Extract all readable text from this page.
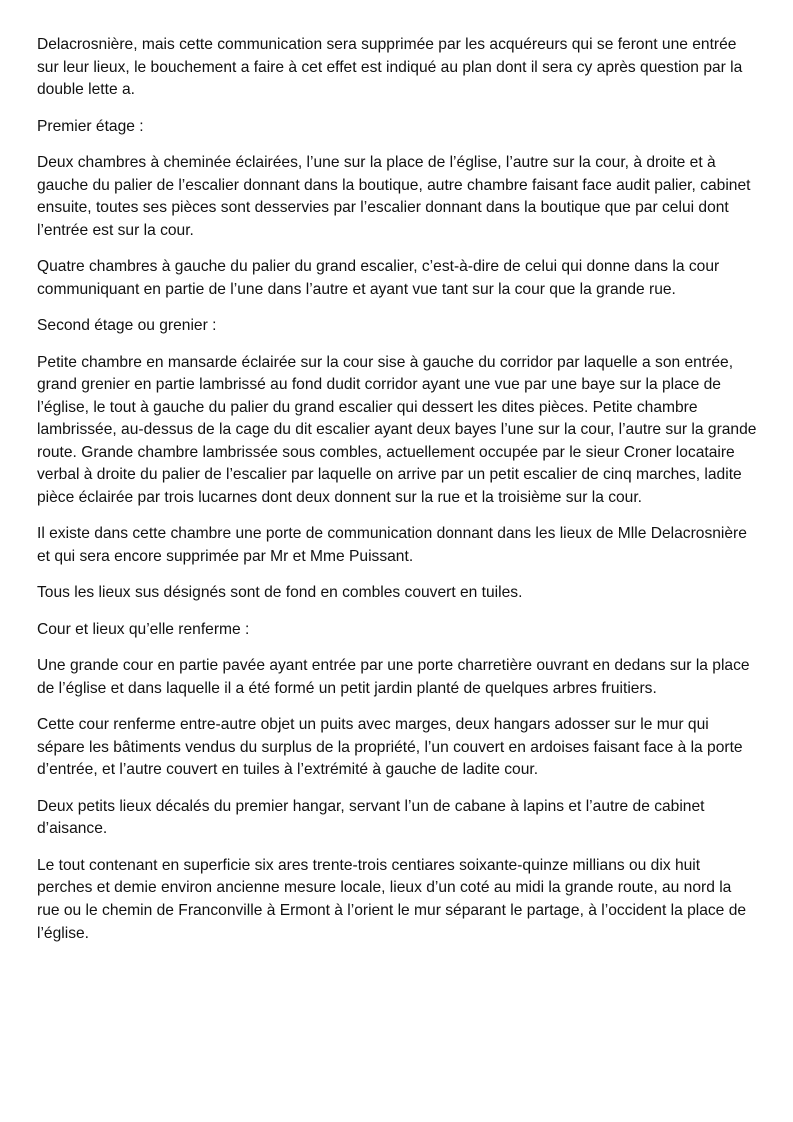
Delacrosnière, mais cette communication sera supprimée par les acquéreurs qui se feront une entrée sur leur lieux, le bouchement a faire à cet effet est indiqué au plan dont il sera cy après question par la double lette a.

Premier étage :

Deux chambres à cheminée éclairées, l’une sur la place de l’église, l’autre sur la cour, à droite et à gauche du palier de l’escalier donnant dans la boutique, autre chambre faisant face audit palier, cabinet ensuite, toutes ses pièces sont desservies par l’escalier donnant dans la boutique que par celui dont l’entrée est sur la cour.

Quatre chambres à gauche du palier du grand escalier, c’est-à-dire de celui qui donne dans la cour communiquant en partie de l’une dans l’autre et ayant vue tant sur la cour que la grande rue.

Second étage ou grenier :

Petite chambre en mansarde éclairée sur la cour sise à gauche du corridor par laquelle a son entrée, grand grenier en partie lambrissé au fond dudit corridor ayant une vue par une baye sur la place de l’église, le tout à gauche du palier du grand escalier qui dessert les dites pièces. Petite chambre lambrissée, au-dessus de la cage du dit escalier ayant deux bayes l’une sur la cour, l’autre sur la grande route. Grande chambre lambrissée sous combles, actuellement occupée par le sieur Croner locataire verbal à droite du palier de l’escalier par laquelle on arrive par un petit escalier de cinq marches, ladite pièce éclairée par trois lucarnes dont deux donnent sur la rue et la troisième sur la cour.

Il existe dans cette chambre une porte de communication donnant dans les lieux de Mlle Delacrosnière et qui sera encore supprimée par Mr et Mme Puissant.

Tous les lieux sus désignés sont de fond en combles couvert en tuiles.

Cour et lieux qu’elle renferme :

Une grande cour en partie pavée ayant entrée par une porte charretière ouvrant en dedans sur la place de l’église et dans laquelle il a été formé un petit jardin planté de quelques arbres fruitiers.

Cette cour renferme entre-autre objet un puits avec marges, deux hangars adosser sur le mur qui sépare les bâtiments vendus du surplus de la propriété, l’un couvert en ardoises faisant face à la porte d’entrée, et l’autre couvert en tuiles à l’extrémité à gauche de ladite cour.

Deux petits lieux décalés du premier hangar, servant l’un de cabane à lapins et l’autre de cabinet d’aisance.

Le tout contenant en superficie six ares trente-trois centiares soixante-quinze millians ou dix huit perches et demie environ ancienne mesure locale, lieux d’un coté au midi la grande route, au nord la rue ou le chemin de Franconville à Ermont à l’orient le mur séparant le partage, à l’occident la place de l’église.
